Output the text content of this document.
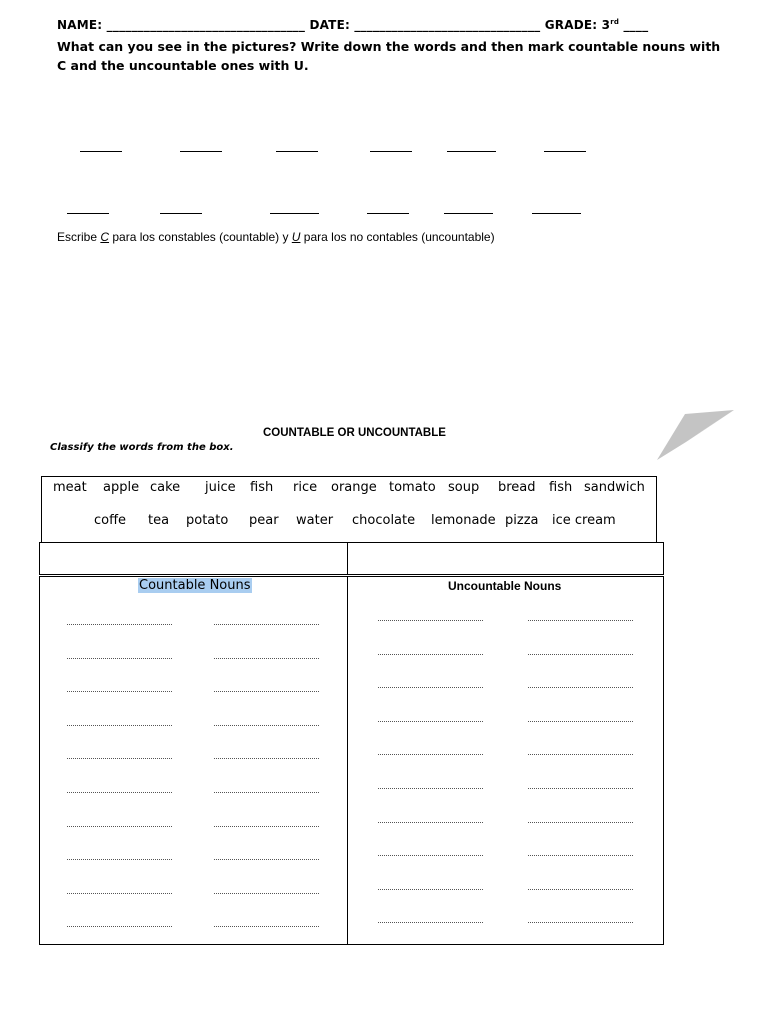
NAME: ________________________________ DATE: ______________________________ GRADE: 3rd ____
What can you see in the pictures? Write down the words and then mark countable nouns with C and the uncountable ones with U.
Escribe C para los constables (countable) y U para los no contables (uncountable)
COUNTABLE OR UNCOUNTABLE
Classify the words from the box.
meat apple cake juice fish rice orange tomato soup bread fish sandwich
coffe tea potato pear water chocolate lemonade pizza ice cream
Countable Nouns	Uncountable Nouns
